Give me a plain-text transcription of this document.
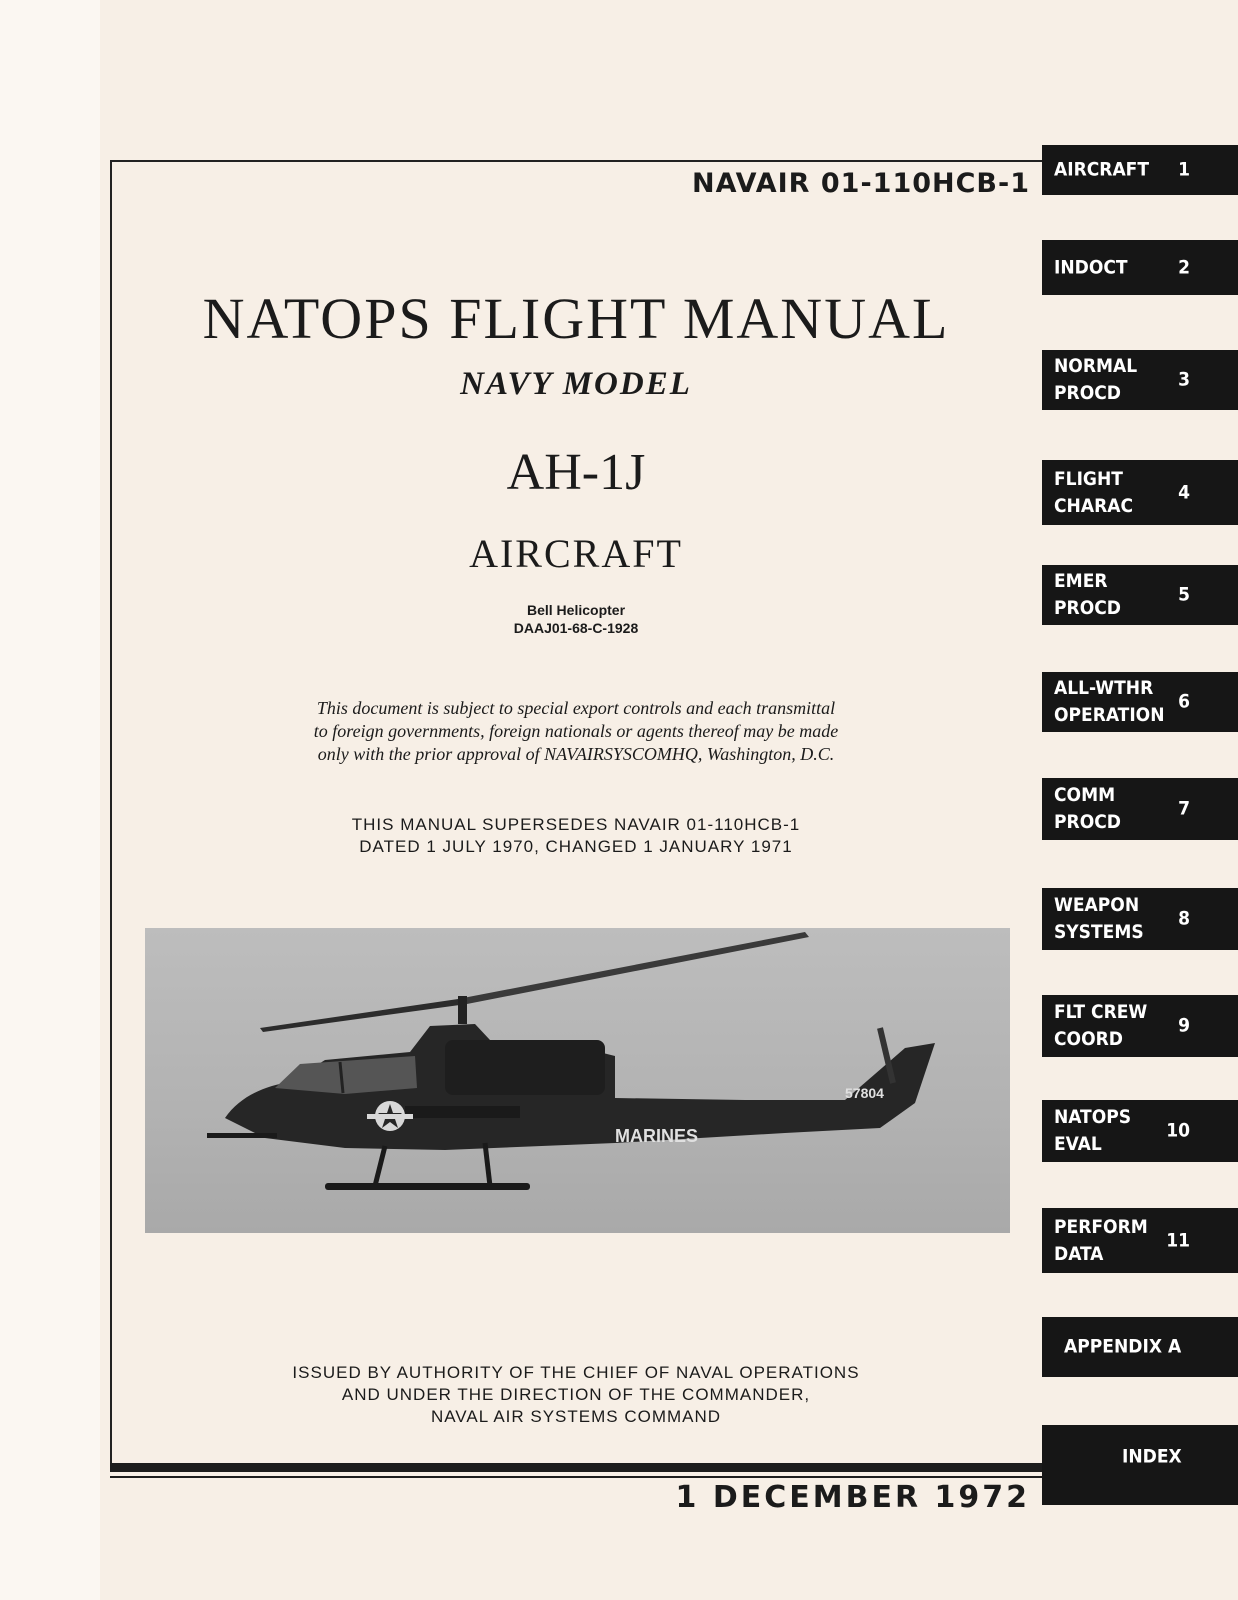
NAVAIR 01-110HCB-1
NATOPS FLIGHT MANUAL
NAVY MODEL
AH-1J
AIRCRAFT
Bell Helicopter
DAAJ01-68-C-1928
This document is subject to special export controls and each transmittal
to foreign governments, foreign nationals or agents thereof may be made
only with the prior approval of NAVAIRSYSCOMHQ, Washington, D.C.
THIS MANUAL SUPERSEDES NAVAIR 01-110HCB-1
DATED 1 JULY 1970, CHANGED 1 JANUARY 1971
MARINES
57804
ISSUED BY AUTHORITY OF THE CHIEF OF NAVAL OPERATIONS
AND UNDER THE DIRECTION OF THE COMMANDER,
NAVAL AIR SYSTEMS COMMAND
1 DECEMBER 1972
AIRCRAFT 1
INDOCT	2
NORMAL
PROCD
3
FLIGHT
CHARAC
4
EMER
PROCD
5
ALL-WTHR
OPERATION
6
COMM
PROCD
7
WEAPON
SYSTEMS
8
FLT CREW
COORD
9
NATOPS
EVAL
10
PERFORM
DATA
11
APPENDIX A
INDEX
